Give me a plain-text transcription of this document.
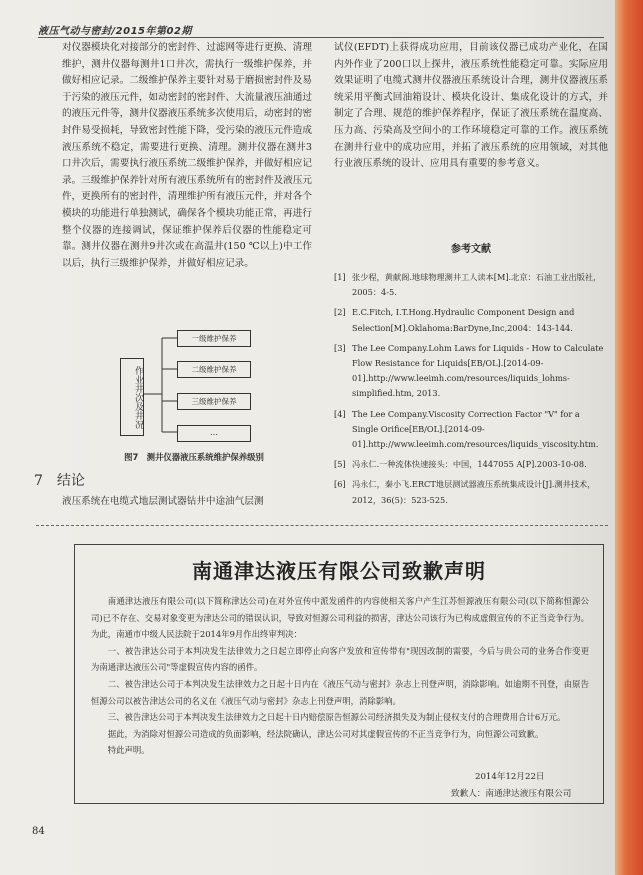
液压气动与密封/2015年第02期

对仪器模块化对接部分的密封件、过滤网等进行更换、清理维护，测井仪器每测井1口井次，需执行一级维护保养，并做好相应记录。二级维护保养主要针对易于磨损密封件及易于污染的液压元件，如动密封的密封件、大流量液压油通过的液压元件等，测井仪器液压系统多次使用后，动密封的密封件易受损耗，导致密封性能下降，受污染的液压元件造成液压系统不稳定，需要进行更换、清理。测井仪器在测井3口井次后，需要执行液压系统二级维护保养，并做好相应记录。三级维护保养针对所有液压系统所有的密封件及液压元件，更换所有的密封件，清理维护所有液压元件，并对各个模块的功能进行单独测试，确保各个模块功能正常，再进行整个仪器的连接调试，保证维护保养后仪器的性能稳定可靠。测井仪器在测井9井次或在高温井(150 ℃以上)中工作以后，执行三级维护保养，并做好相应记录。

作业井次及井况
一级维护保养
二级维护保养
三级维护保养
…
图7　测井仪器液压系统维护保养级别
7 结论
液压系统在电缆式地层测试器钻井中途油气层测

试仪(EFDT)上获得成功应用，目前该仪器已成功产业化，在国内外作业了200口以上探井，液压系统性能稳定可靠。实际应用效果证明了电缆式测井仪器液压系统设计合理，测井仪器液压系统采用平衡式回油箱设计、模块化设计、集成化设计的方式，并制定了合理、规范的维护保养程序，保证了液压系统在温度高、压力高、污染高及空间小的工作环境稳定可靠的工作。液压系统在测井行业中的成功应用，并拓了液压系统的应用领域，对其他行业液压系统的设计、应用具有重要的参考意义。

参考文献
[1] 张少程，黄献阁.地球物理测井工人读本[M].北京：石油工业出版社，2005：4-5.
[2] E.C.Fitch, I.T.Hong.Hydraulic Component Design and Selection[M].Oklahoma:BarDyne,Inc,2004：143-144.
[3] The Lee Company.Lohm Laws for Liquids - How to Calculate Flow Resistance for Liquids[EB/OL].[2014-09-01].http://www.leeimh.com/resources/liquids_lohms-simplified.htm, 2013.
[4] The Lee Company.Viscosity Correction Factor "V" for a Single Orifice[EB/OL].[2014-09-01].http://www.leeimh.com/resources/liquids_viscosity.htm.
[5] 冯永仁.一种流体快速接头：中国，1447055 A[P].2003-10-08.
[6] 冯永仁，秦小飞.ERCT地层测试器液压系统集成设计[J].测井技术，2012，36(5)：523-525.
南通津达液压有限公司致歉声明

南通津达液压有限公司(以下简称津达公司)在对外宣传中派发函件的内容使相关客户产生江苏恒源液压有限公司(以下简称恒源公司)已不存在、交易对象变更为津达公司的错误认识，导致对恒源公司利益的损害，津达公司该行为已构成虚假宣传的不正当竞争行为。为此，南通市中级人民法院于2014年9月作出终审判决：

一、被告津达公司于本判决发生法律效力之日起立即停止向客户发放和宣传带有"现因改制的需要，今后与贵公司的业务合作变更为南通津达液压公司"等虚假宣传内容的函件。

二、被告津达公司于本判决发生法律效力之日起十日内在《液压气动与密封》杂志上刊登声明，消除影响。如逾期不刊登，由原告恒源公司以被告津达公司的名义在《液压气动与密封》杂志上刊登声明，消除影响。

三、被告津达公司于本判决发生法律效力之日起十日内赔偿原告恒源公司经济损失及为制止侵权支付的合理费用合计6万元。

据此，为消除对恒源公司造成的负面影响，经法院确认，津达公司对其虚假宣传的不正当竞争行为，向恒源公司致歉。

特此声明。

2014年12月22日
致歉人：南通津达液压有限公司
84
